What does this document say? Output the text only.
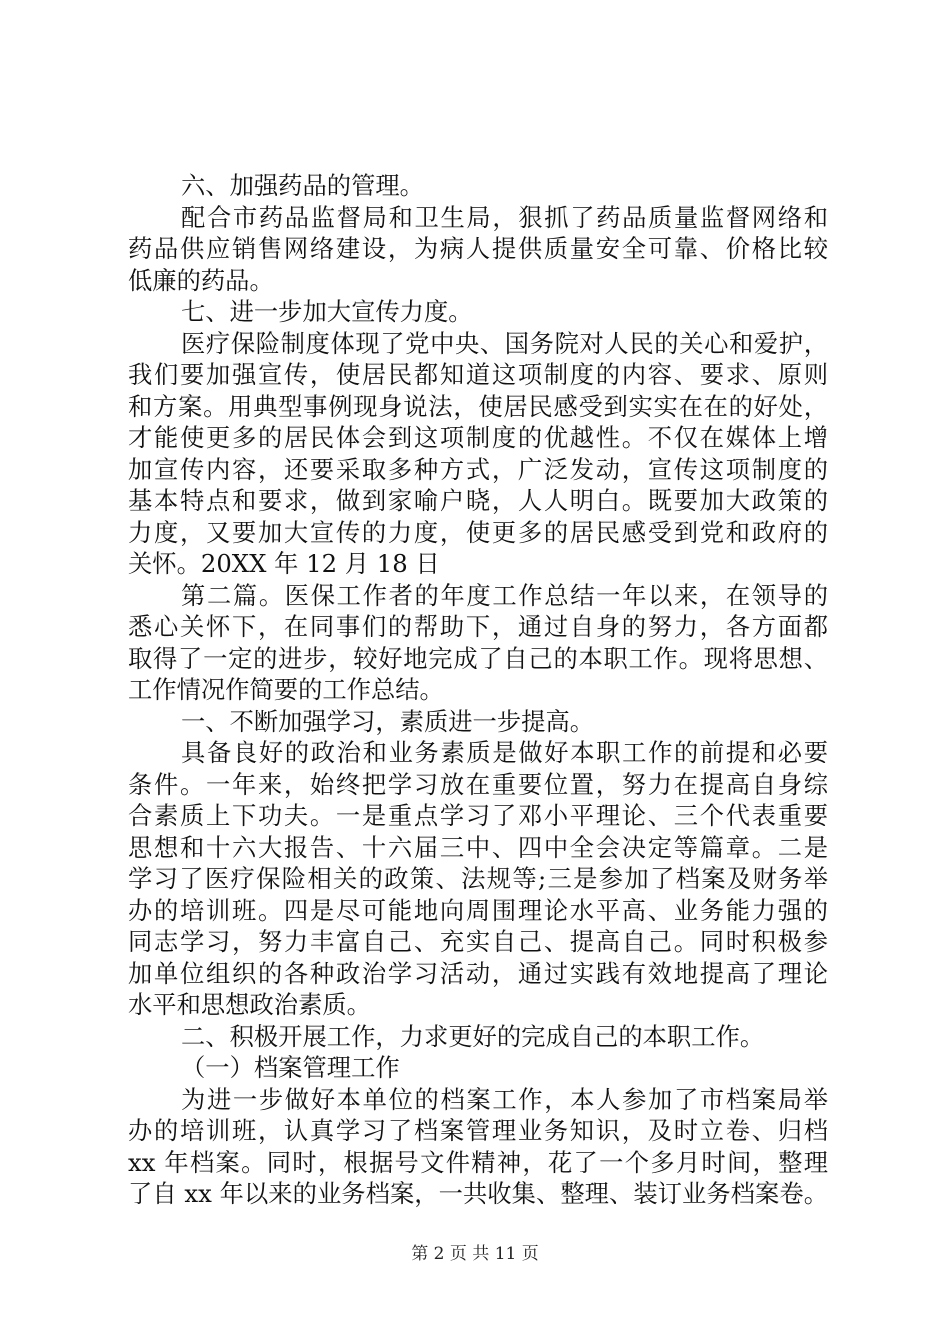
六、加强药品的管理。
配合市药品监督局和卫生局，狠抓了药品质量监督网络和
药品供应销售网络建设，为病人提供质量安全可靠、价格比较
低廉的药品。
七、进一步加大宣传力度。
医疗保险制度体现了党中央、国务院对人民的关心和爱护，
我们要加强宣传，使居民都知道这项制度的内容、要求、原则
和方案。用典型事例现身说法，使居民感受到实实在在的好处，
才能使更多的居民体会到这项制度的优越性。不仅在媒体上增
加宣传内容，还要采取多种方式，广泛发动，宣传这项制度的
基本特点和要求，做到家喻户晓，人人明白。既要加大政策的
力度，又要加大宣传的力度，使更多的居民感受到党和政府的
关怀。20XX 年 12 月 18 日
第二篇。医保工作者的年度工作总结一年以来，在领导的
悉心关怀下，在同事们的帮助下，通过自身的努力，各方面都
取得了一定的进步，较好地完成了自己的本职工作。现将思想、
工作情况作简要的工作总结。
一、不断加强学习，素质进一步提高。
具备良好的政治和业务素质是做好本职工作的前提和必要
条件。一年来，始终把学习放在重要位置，努力在提高自身综
合素质上下功夫。一是重点学习了邓小平理论、三个代表重要
思想和十六大报告、十六届三中、四中全会决定等篇章。二是
学习了医疗保险相关的政策、法规等;三是参加了档案及财务举
办的培训班。四是尽可能地向周围理论水平高、业务能力强的
同志学习，努力丰富自己、充实自己、提高自己。同时积极参
加单位组织的各种政治学习活动，通过实践有效地提高了理论
水平和思想政治素质。
二、积极开展工作，力求更好的完成自己的本职工作。
（一）档案管理工作
为进一步做好本单位的档案工作，本人参加了市档案局举
办的培训班，认真学习了档案管理业务知识，及时立卷、归档
xx 年档案。同时，根据号文件精神，花了一个多月时间，整理
了自 xx 年以来的业务档案，一共收集、整理、装订业务档案卷。
第 2 页 共 11 页
